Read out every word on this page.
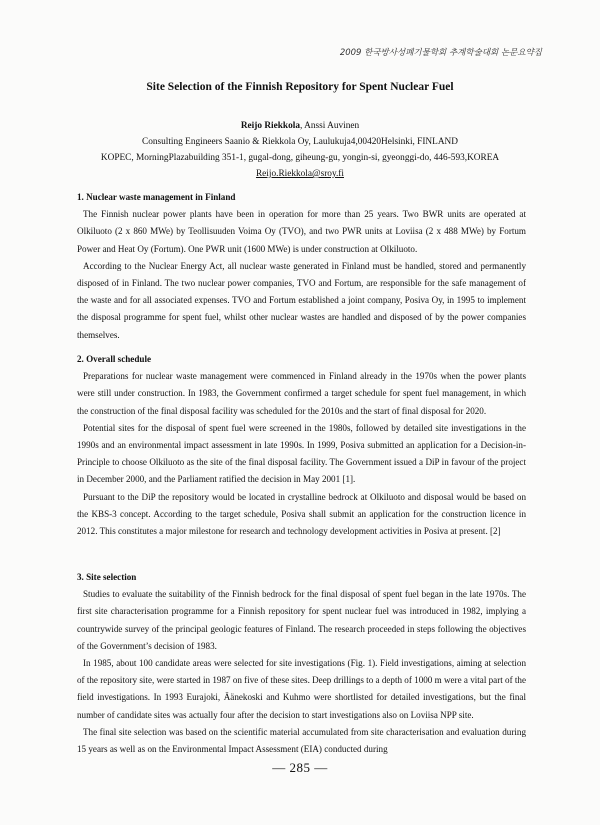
2009 한국방사성폐기물학회 추계학술대회 논문요약집
Site Selection of the Finnish Repository for Spent Nuclear Fuel
Reijo Riekkola, Anssi Auvinen
Consulting Engineers Saanio & Riekkola Oy, Laulukuja4,00420Helsinki, FINLAND
KOPEC, MorningPlazabuilding 351-1, gugal-dong, giheung-gu, yongin-si, gyeonggi-do, 446-593,KOREA
Reijo.Riekkola@sroy.fi
1. Nuclear waste management in Finland

The Finnish nuclear power plants have been in operation for more than 25 years. Two BWR units are operated at Olkiluoto (2 x 860 MWe) by Teollisuuden Voima Oy (TVO), and two PWR units at Loviisa (2 x 488 MWe) by Fortum Power and Heat Oy (Fortum). One PWR unit (1600 MWe) is under construction at Olkiluoto.

According to the Nuclear Energy Act, all nuclear waste generated in Finland must be handled, stored and permanently disposed of in Finland. The two nuclear power companies, TVO and Fortum, are responsible for the safe management of the waste and for all associated expenses. TVO and Fortum established a joint company, Posiva Oy, in 1995 to implement the disposal programme for spent fuel, whilst other nuclear wastes are handled and disposed of by the power companies themselves.

2. Overall schedule

Preparations for nuclear waste management were commenced in Finland already in the 1970s when the power plants were still under construction. In 1983, the Government confirmed a target schedule for spent fuel management, in which the construction of the final disposal facility was scheduled for the 2010s and the start of final disposal for 2020.

Potential sites for the disposal of spent fuel were screened in the 1980s, followed by detailed site investigations in the 1990s and an environmental impact assessment in late 1990s. In 1999, Posiva submitted an application for a Decision-in-Principle to choose Olkiluoto as the site of the final disposal facility. The Government issued a DiP in favour of the project in December 2000, and the Parliament ratified the decision in May 2001 [1].

Pursuant to the DiP the repository would be located in crystalline bedrock at Olkiluoto and disposal would be based on the KBS-3 concept. According to the target schedule, Posiva shall submit an application for the construction licence in 2012. This constitutes a major milestone for research and technology development activities in Posiva at present. [2]

3. Site selection

Studies to evaluate the suitability of the Finnish bedrock for the final disposal of spent fuel began in the late 1970s. The first site characterisation programme for a Finnish repository for spent nuclear fuel was introduced in 1982, implying a countrywide survey of the principal geologic features of Finland. The research proceeded in steps following the objectives of the Government’s decision of 1983.

In 1985, about 100 candidate areas were selected for site investigations (Fig. 1). Field investigations, aiming at selection of the repository site, were started in 1987 on five of these sites. Deep drillings to a depth of 1000 m were a vital part of the field investigations. In 1993 Eurajoki, Äänekoski and Kuhmo were shortlisted for detailed investigations, but the final number of candidate sites was actually four after the decision to start investigations also on Loviisa NPP site.

The final site selection was based on the scientific material accumulated from site characterisation and evaluation during 15 years as well as on the Environmental Impact Assessment (EIA) conducted during

— 285 —
